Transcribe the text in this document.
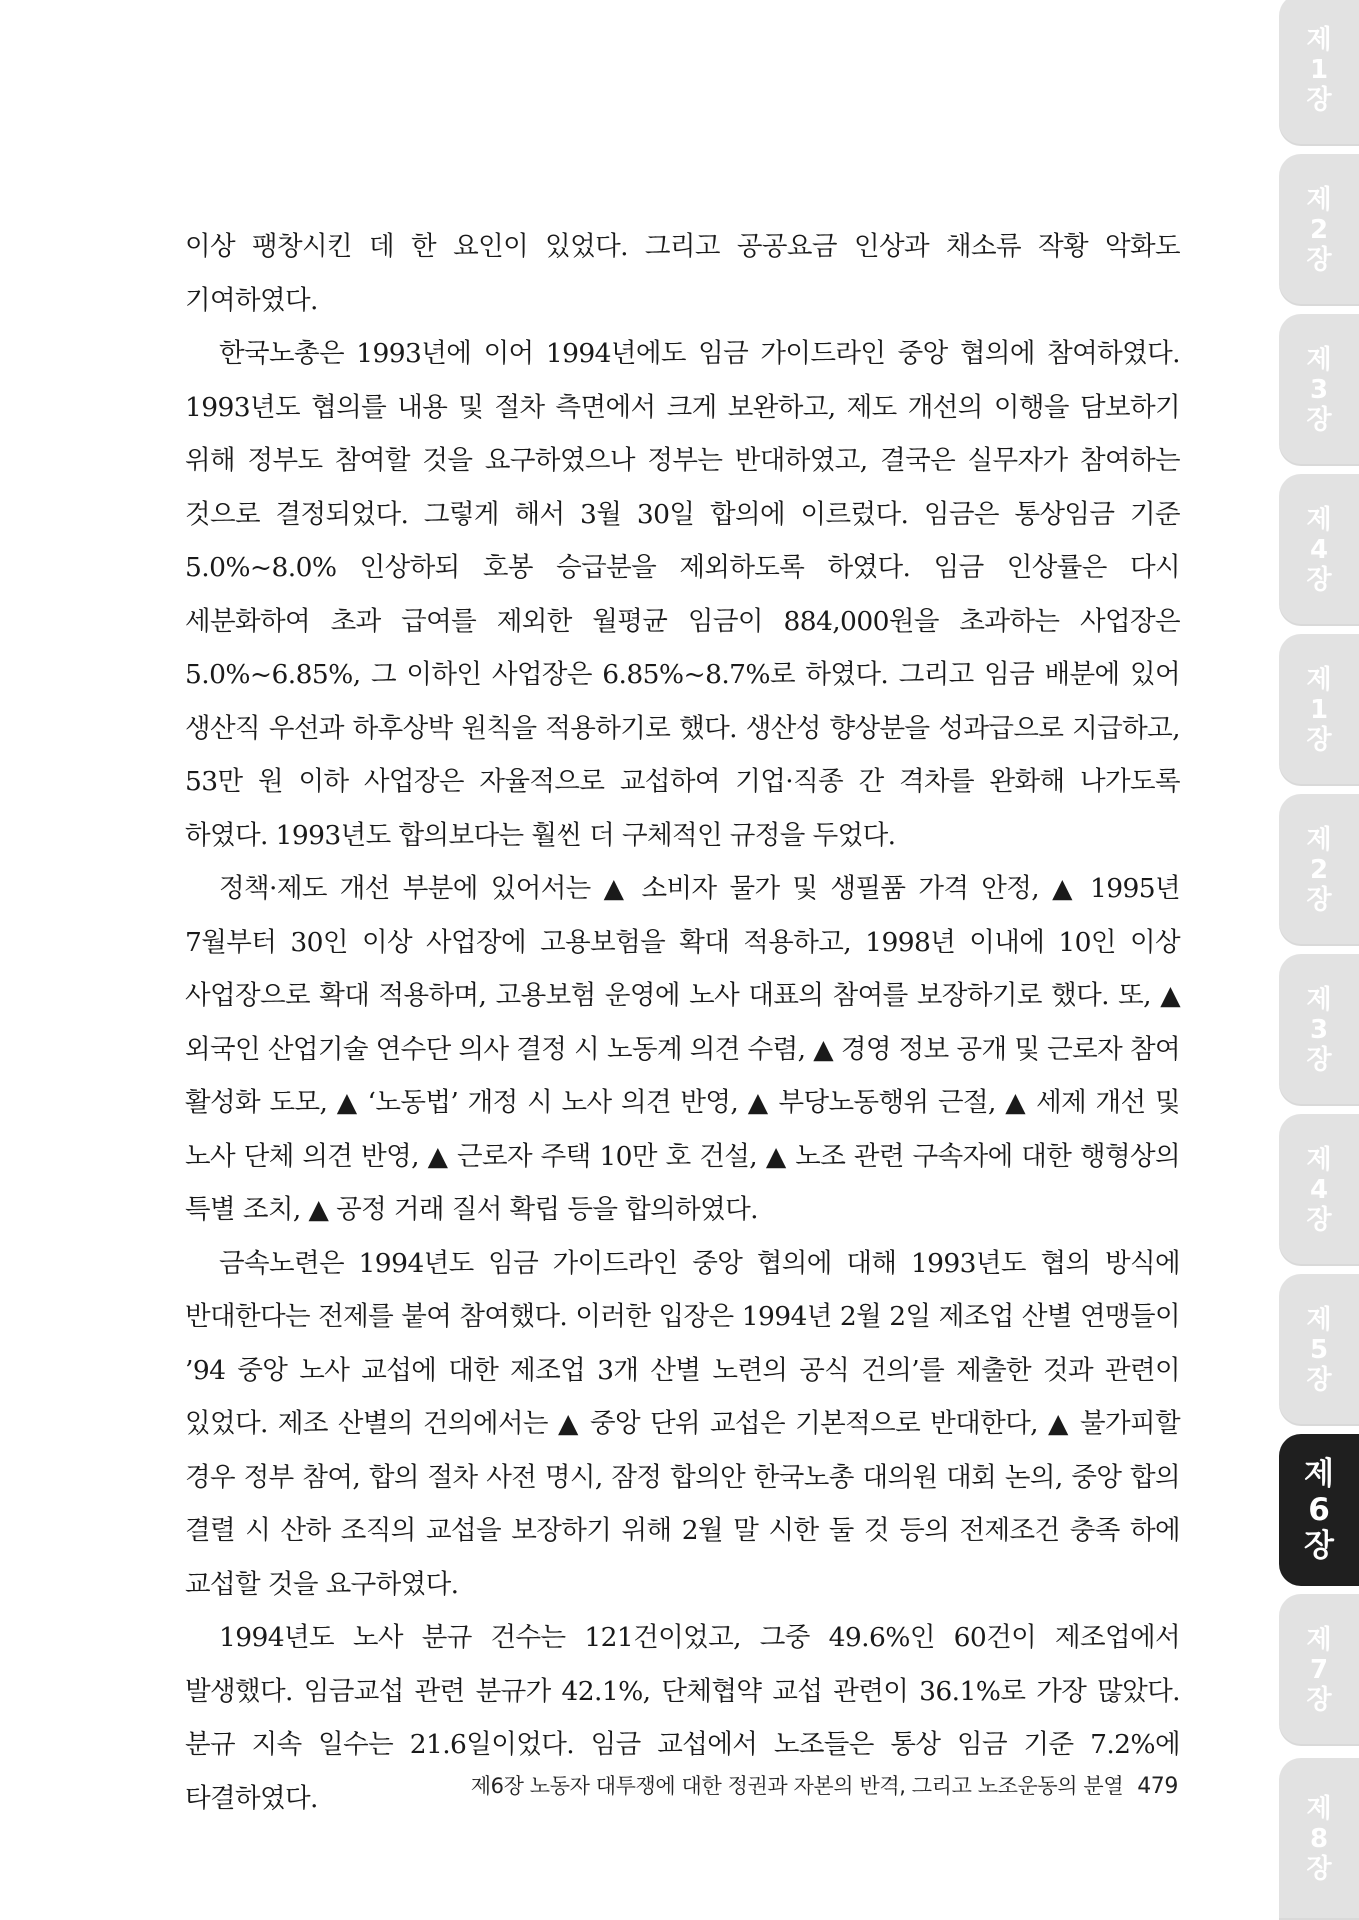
이상 팽창시킨 데 한 요인이 있었다. 그리고 공공요금 인상과 채소류 작황 악화도 기여하였다.

한국노총은 1993년에 이어 1994년에도 임금 가이드라인 중앙 협의에 참여하였다. 1993년도 협의를 내용 및 절차 측면에서 크게 보완하고, 제도 개선의 이행을 담보하기 위해 정부도 참여할 것을 요구하였으나 정부는 반대하였고, 결국은 실무자가 참여하는 것으로 결정되었다. 그렇게 해서 3월 30일 합의에 이르렀다. 임금은 통상임금 기준 5.0%~8.0% 인상하되 호봉 승급분을 제외하도록 하였다. 임금 인상률은 다시 세분화하여 초과 급여를 제외한 월평균 임금이 884,000원을 초과하는 사업장은 5.0%~6.85%, 그 이하인 사업장은 6.85%~8.7%로 하였다. 그리고 임금 배분에 있어 생산직 우선과 하후상박 원칙을 적용하기로 했다. 생산성 향상분을 성과급으로 지급하고, 53만 원 이하 사업장은 자율적으로 교섭하여 기업·직종 간 격차를 완화해 나가도록 하였다. 1993년도 합의보다는 훨씬 더 구체적인 규정을 두었다.

정책·제도 개선 부분에 있어서는 ▲ 소비자 물가 및 생필품 가격 안정, ▲ 1995년 7월부터 30인 이상 사업장에 고용보험을 확대 적용하고, 1998년 이내에 10인 이상 사업장으로 확대 적용하며, 고용보험 운영에 노사 대표의 참여를 보장하기로 했다. 또, ▲ 외국인 산업기술 연수단 의사 결정 시 노동계 의견 수렴, ▲ 경영 정보 공개 및 근로자 참여 활성화 도모, ▲ ‘노동법’ 개정 시 노사 의견 반영, ▲ 부당노동행위 근절, ▲ 세제 개선 및 노사 단체 의견 반영, ▲ 근로자 주택 10만 호 건설, ▲ 노조 관련 구속자에 대한 행형상의 특별 조치, ▲ 공정 거래 질서 확립 등을 합의하였다.

금속노련은 1994년도 임금 가이드라인 중앙 협의에 대해 1993년도 협의 방식에 반대한다는 전제를 붙여 참여했다. 이러한 입장은 1994년 2월 2일 제조업 산별 연맹들이 ’94 중앙 노사 교섭에 대한 제조업 3개 산별 노련의 공식 건의’를 제출한 것과 관련이 있었다. 제조 산별의 건의에서는 ▲ 중앙 단위 교섭은 기본적으로 반대한다, ▲ 불가피할 경우 정부 참여, 합의 절차 사전 명시, 잠정 합의안 한국노총 대의원 대회 논의, 중앙 합의 결렬 시 산하 조직의 교섭을 보장하기 위해 2월 말 시한 둘 것 등의 전제조건 충족 하에 교섭할 것을 요구하였다.

1994년도 노사 분규 건수는 121건이었고, 그중 49.6%인 60건이 제조업에서 발생했다. 임금교섭 관련 분규가 42.1%, 단체협약 교섭 관련이 36.1%로 가장 많았다. 분규 지속 일수는 21.6일이었다. 임금 교섭에서 노조들은 통상 임금 기준 7.2%에 타결하였다.	제6장 노동자 대투쟁에 대한 정권과 자본의 반격, 그리고 노조운동의 분열 479
제
1
장
제
2
장
제
3
장
제
4
장
제
1
장
제
2
장
제
3
장
제
4
장
제
5
장
제
6
장
제
7
장
제
8
장
